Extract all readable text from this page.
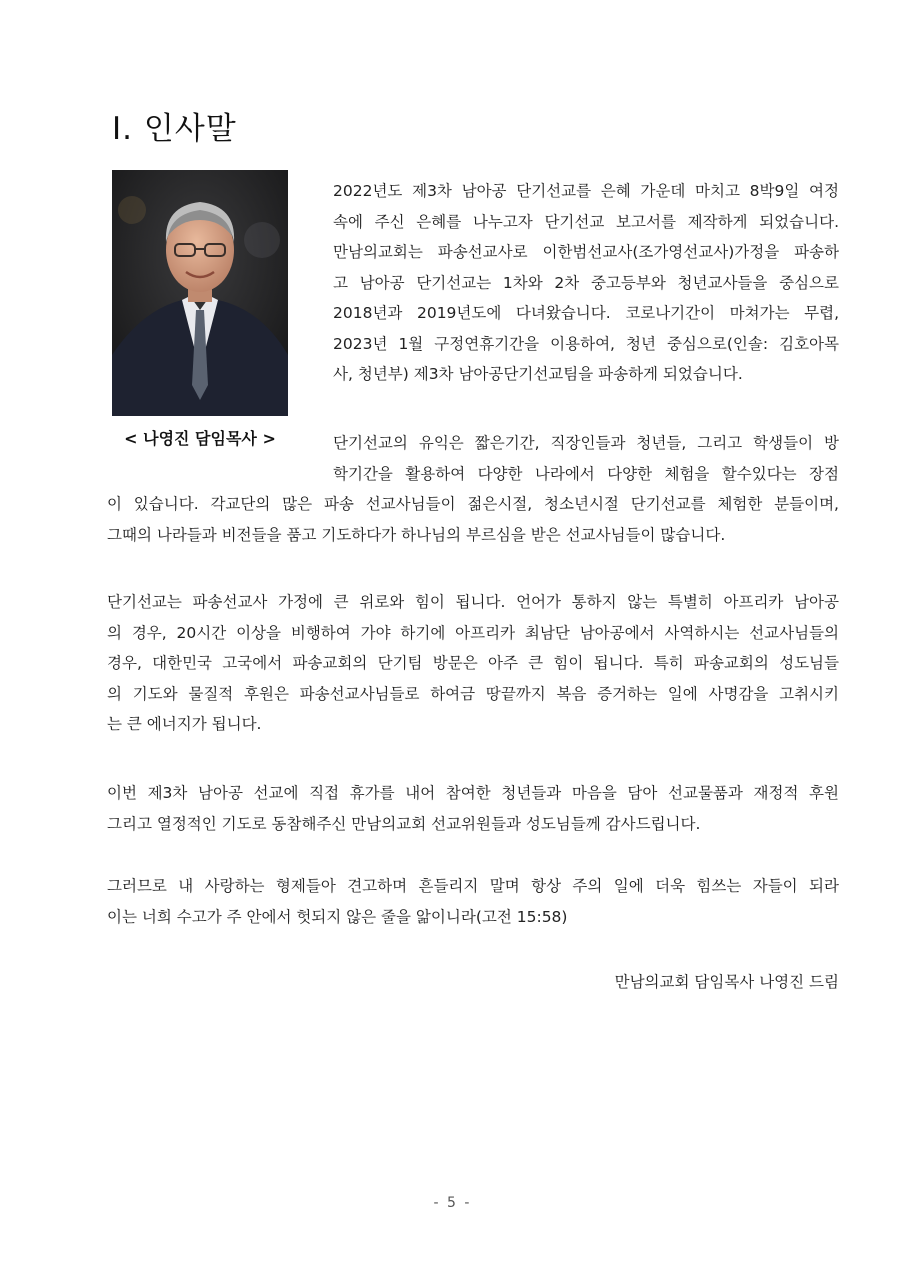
Ⅰ. 인사말
< 나영진 담임목사 >
2022년도 제3차 남아공 단기선교를 은혜 가운데 마치고 8박9일 여정
속에 주신 은혜를 나누고자 단기선교 보고서를 제작하게 되었습니다.
만남의교회는 파송선교사로 이한범선교사(조가영선교사)가정을 파송하
고 남아공 단기선교는 1차와 2차 중고등부와 청년교사들을 중심으로
2018년과 2019년도에 다녀왔습니다. 코로나기간이 마쳐가는 무렵,
2023년 1월 구정연휴기간을 이용하여, 청년 중심으로(인솔: 김호아목
사, 청년부) 제3차 남아공단기선교팀을 파송하게 되었습니다.
단기선교의 유익은 짧은기간, 직장인들과 청년들, 그리고 학생들이 방
학기간을 활용하여 다양한 나라에서 다양한 체험을 할수있다는 장점
이 있습니다. 각교단의 많은 파송 선교사님들이 젊은시절, 청소년시절 단기선교를 체험한 분들이며,
그때의 나라들과 비전들을 품고 기도하다가 하나님의 부르심을 받은 선교사님들이 많습니다.
단기선교는 파송선교사 가정에 큰 위로와 힘이 됩니다. 언어가 통하지 않는 특별히 아프리카 남아공
의 경우, 20시간 이상을 비행하여 가야 하기에 아프리카 최남단 남아공에서 사역하시는 선교사님들의
경우, 대한민국 고국에서 파송교회의 단기팀 방문은 아주 큰 힘이 됩니다. 특히 파송교회의 성도님들
의 기도와 물질적 후원은 파송선교사님들로 하여금 땅끝까지 복음 증거하는 일에 사명감을 고취시키
는 큰 에너지가 됩니다.
이번 제3차 남아공 선교에 직접 휴가를 내어 참여한 청년들과 마음을 담아 선교물품과 재정적 후원
그리고 열정적인 기도로 동참해주신 만남의교회 선교위원들과 성도님들께 감사드립니다.
그러므로 내 사랑하는 형제들아 견고하며 흔들리지 말며 항상 주의 일에 더욱 힘쓰는 자들이 되라
이는 너희 수고가 주 안에서 헛되지 않은 줄을 앎이니라(고전 15:58)
만남의교회 담임목사 나영진 드림
- 5 -
